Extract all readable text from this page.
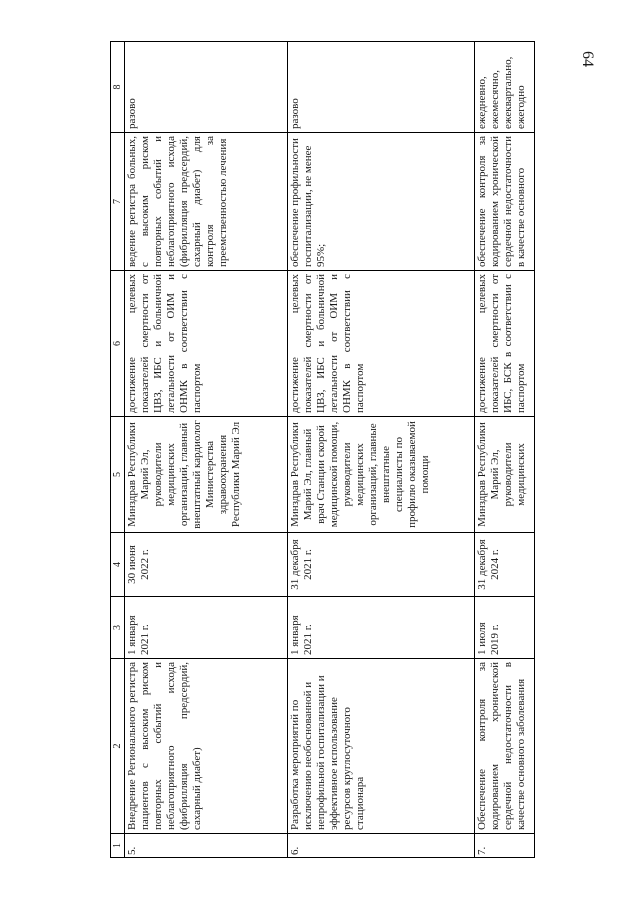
64
1	2	3	4	5	6	7	8
5.	Внедрение Регионального регистра пациентов с высоким риском повторных событий и неблагоприятного исхода (фибрилляция предсердий, сахарный диабет)	1 января 2021 г.	30 июня 2022 г.	Минздрав Республики Марий Эл, руководители медицинских организаций, главный внештатный кардиолог Министерства здравоохранения Республики Марий Эл	достижение целевых показателей смертности от ЦВЗ, ИБС и больничной летальности от ОИМ и ОНМК в соответствии с паспортом	ведение регистра больных, с высоким риском повторных событий и неблагоприятного исхода (фибрилляция предсердий, сахарный диабет) для контроля за преемственностью лечения	разово
6.	Разработка мероприятий по исключению необоснованной и непрофильной госпитализации и эффективное использование ресурсов круглосуточного стационара	1 января 2021 г.	31 декабря 2021 г.	Минздрав Республики Марий Эл, главный врач Станции скорой медицинской помощи, руководители медицинских организаций, главные внештатные специалисты по профилю оказываемой помощи	достижение целевых показателей смертности от ЦВЗ, ИБС и больничной летальности от ОИМ и ОНМК в соответствии с паспортом	обеспечение профильности госпитализации, не менее 95%;	разово
7.	Обеспечение контроля за кодированием хронической сердечной недостаточности в качестве основного заболевания	1 июля 2019 г.	31 декабря 2024 г.	Минздрав Республики Марий Эл, руководители медицинских	достижение целевых показателей смертности от ИБС, БСК в соответствии с паспортом	обеспечение контроля за кодированием хронической сердечной недостаточности в качестве основного	ежедневно, ежемесячно, ежеквартально, ежегодно
